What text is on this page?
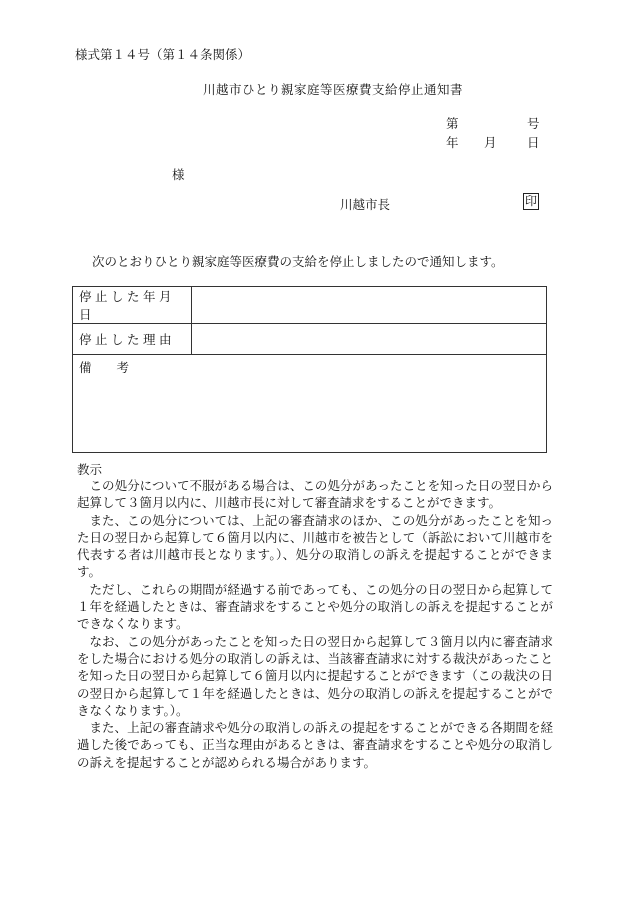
様式第１４号（第１４条関係）
川越市ひとり親家庭等医療費支給停止通知書
第	号
年 月 日
様
川越市長	印
次のとおりひとり親家庭等医療費の支給を停止しましたので通知します。
停止した年月日	
停止した理由	
備　　考	
教示

この処分について不服がある場合は、この処分があったことを知った日の翌日から起算して３箇月以内に、川越市長に対して審査請求をすることができます。

また、この処分については、上記の審査請求のほか、この処分があったことを知った日の翌日から起算して６箇月以内に、川越市を被告として（訴訟において川越市を代表する者は川越市長となります。）、処分の取消しの訴えを提起することができます。

ただし、これらの期間が経過する前であっても、この処分の日の翌日から起算して１年を経過したときは、審査請求をすることや処分の取消しの訴えを提起することができなくなります。

なお、この処分があったことを知った日の翌日から起算して３箇月以内に審査請求をした場合における処分の取消しの訴えは、当該審査請求に対する裁決があったことを知った日の翌日から起算して６箇月以内に提起することができます（この裁決の日の翌日から起算して１年を経過したときは、処分の取消しの訴えを提起することができなくなります。）。

また、上記の審査請求や処分の取消しの訴えの提起をすることができる各期間を経過した後であっても、正当な理由があるときは、審査請求をすることや処分の取消しの訴えを提起することが認められる場合があります。
